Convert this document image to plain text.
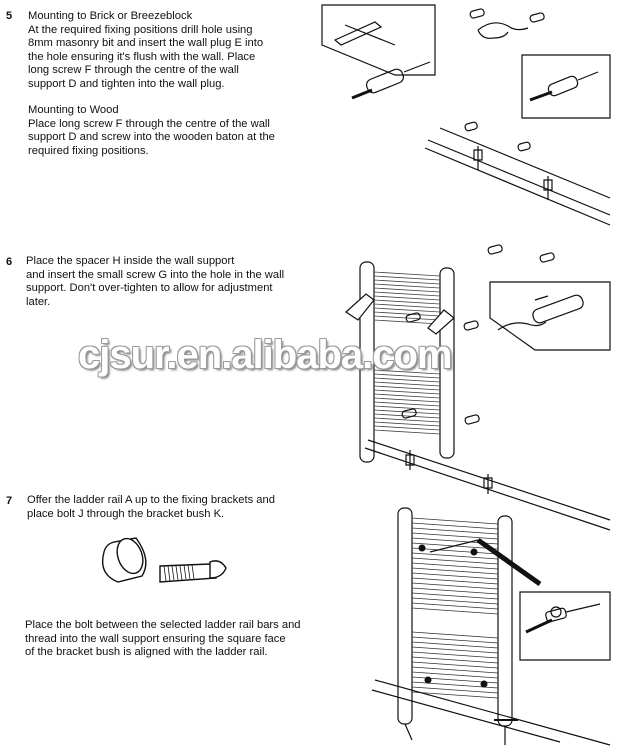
5 Mounting to Brick or Breezeblock
At the required fixing positions drill hole using
8mm masonry bit and insert the wall plug E into
the hole ensuring it's flush with the wall. Place
long screw F through the centre of the wall
support D and tighten into the wall plug.
Mounting to Wood
Place long screw F through the centre of the wall
support D and screw into the wooden baton at the
required fixing positions.
6 Place the spacer H inside the wall support
and insert the small screw G into the hole in the wall
support. Don't over-tighten to allow for adjustment
later.
cjsur.en.alibaba.com
7 Offer the ladder rail A up to the fixing brackets and
place bolt J through the bracket bush K.
Place the bolt between the selected ladder rail bars and
thread into the wall support ensuring the square face
of the bracket bush is aligned with the ladder rail.
